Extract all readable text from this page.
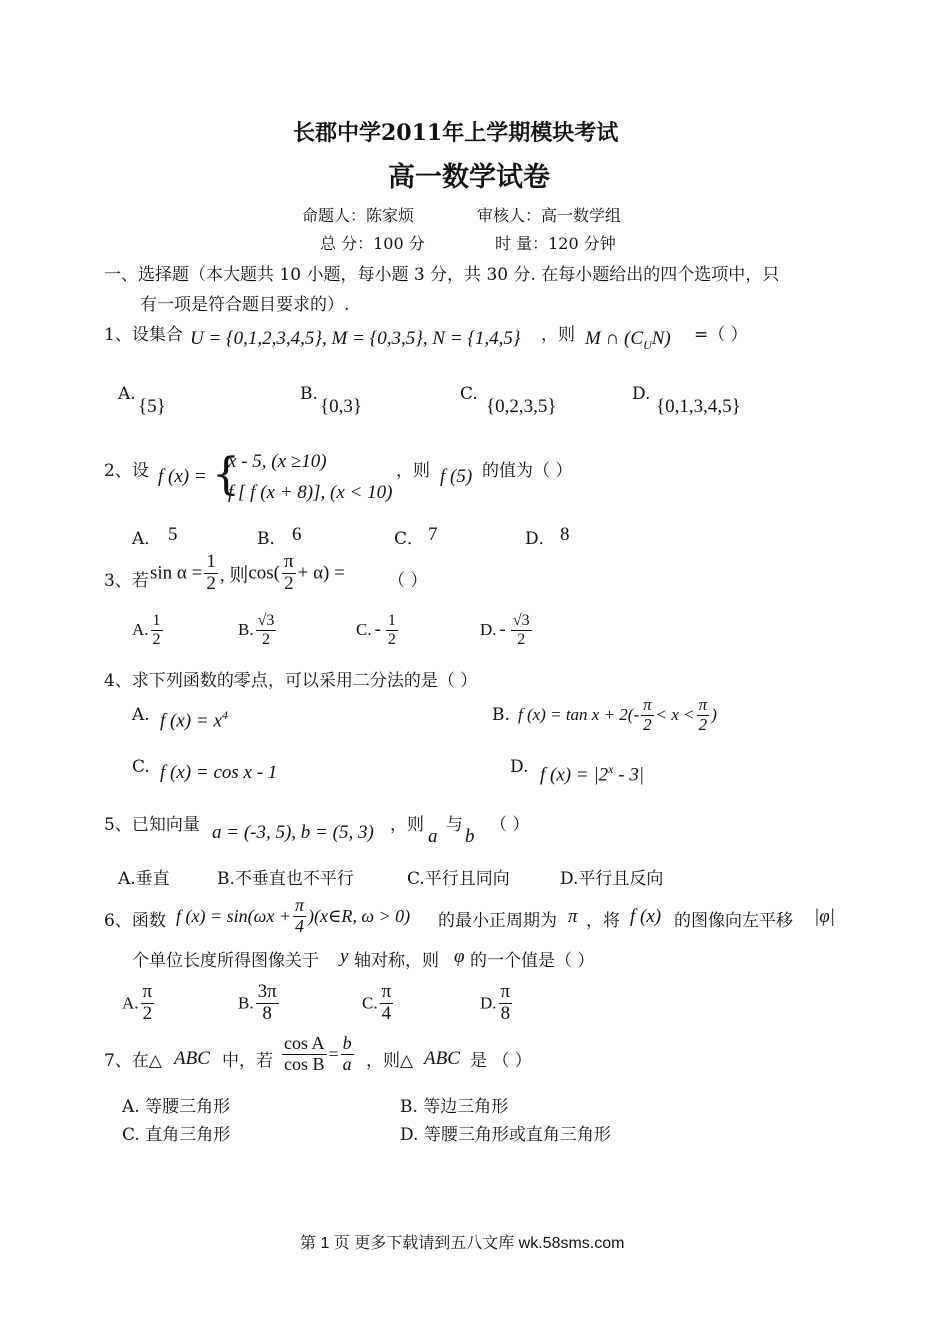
长郡中学2011年上学期模块考试
高一数学试卷
命题人：陈家烦	审核人：高一数学组
总 分：100 分	时 量：120 分钟
一、选择题（本大题共 10 小题，每小题 3 分，共 30 分. 在每小题给出的四个选项中，只
有一项是符合题目要求的）.
1、设集合 U = {0,1,2,3,4,5}, M = {0,3,5}, N = {1,4,5} ，则 M ∩ $(C_UN)$ =（ ）
A.
{5}
B.
{0,3}
C.
{0,2,3,5}
D.
{0,1,3,4,5}
2、设 f (x) = {
x - 5, (x ≥10)
f [ f (x + 8)], (x < 10)
，则 f (5) 的值为（ ）
A． 5	B． 6	C． 7	D． 8
3、若 $\sin \alpha = \frac{1}{2}$ , 则$\cos( \frac{\pi}{2} + \alpha)$ =	（ ）
A. $\frac{1}{2}$	B. $\frac{√3}{2}$	C. - $\frac{1}{2}$	D. - $\frac{√3}{2}$
4、求下列函数的零点，可以采用二分法的是（ ）
A. f $(x) = x^4$	B. f $(x) = \tan x + 2(- \frac{\pi}{2} < x < \frac{\pi}{2}$ )
C. f (x) = cos x - 1	D. f $(x) = |2^x - 3|$
5、已知向量 a = (-3, 5), b = (5, 3) ，则
a
与
b
（ ）
A.垂直	B.不垂直也不平行	C.平行且同向	D.平行且反向
6、函数 f $(x) = \sin(\omega x + \frac{\pi}{4}$ )(x∈R, ω > 0) 的最小正周期为 π ，将 f (x) 的图像向左平移 |φ|
个单位长度所得图像关于 y 轴对称，则 φ 的一个值是（ ）
A. $\frac{\pi}{2}$	B. $\frac{3\pi}{8}$	C. $\frac{\pi}{4}$	D. $\frac{\pi}{8}$
7、在△ ABC 中，若 $\frac{\text{cos A}}{\text{cos B}} = \frac{b}{a}$ ，则△ ABC 是 （ ）
A. 等腰三角形	B. 等边三角形
C. 直角三角形	D. 等腰三角形或直角三角形
第 1 页 更多下载请到五八文库 wk.58sms.com
